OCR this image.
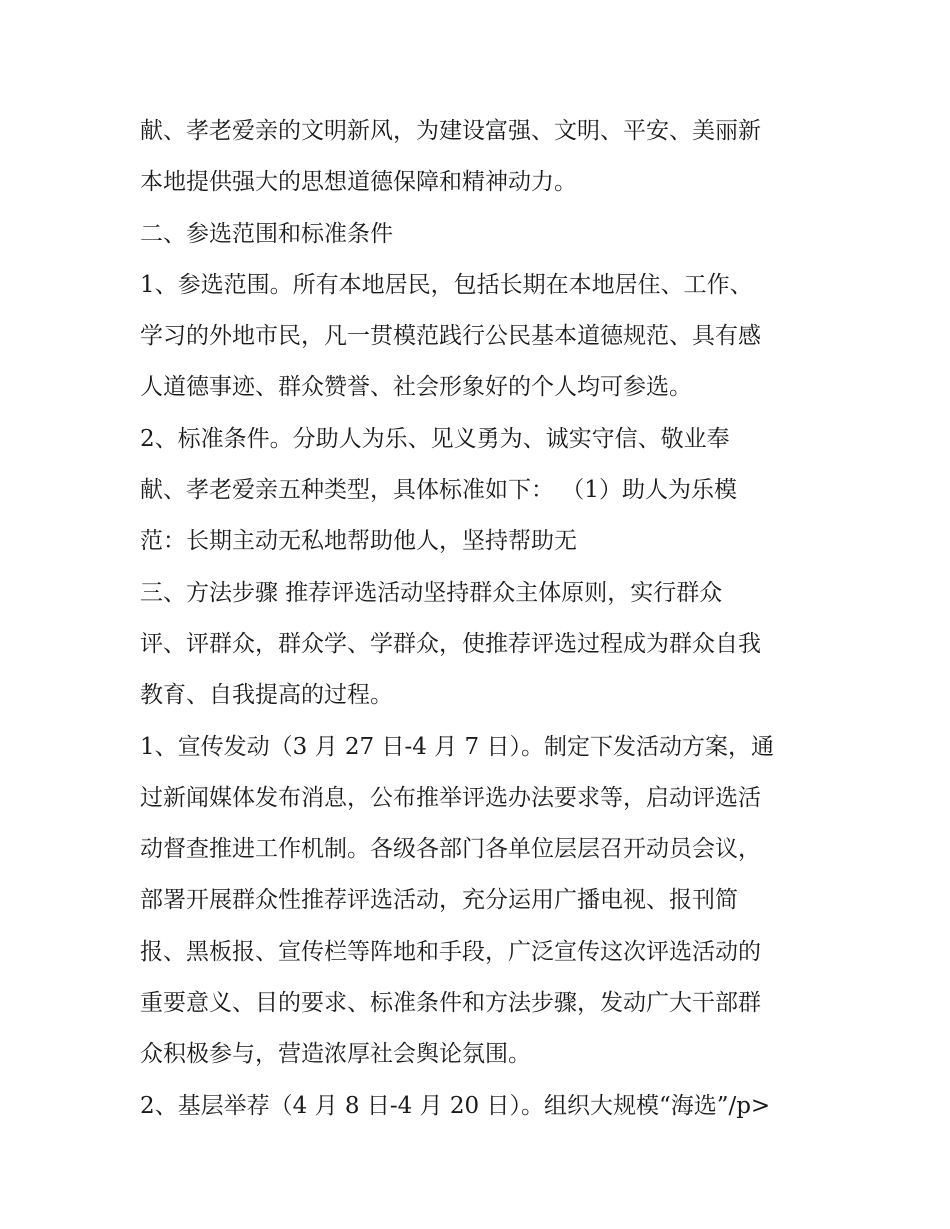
献、孝老爱亲的文明新风，为建设富强、文明、平安、美丽新
本地提供强大的思想道德保障和精神动力。
二、参选范围和标准条件
1、参选范围。所有本地居民，包括长期在本地居住、工作、
学习的外地市民，凡一贯模范践行公民基本道德规范、具有感
人道德事迹、群众赞誉、社会形象好的个人均可参选。
2、标准条件。分助人为乐、见义勇为、诚实守信、敬业奉
献、孝老爱亲五种类型，具体标准如下： （1）助人为乐模
范：长期主动无私地帮助他人，坚持帮助无
三、方法步骤 推荐评选活动坚持群众主体原则，实行群众
评、评群众，群众学、学群众，使推荐评选过程成为群众自我
教育、自我提高的过程。
1、宣传发动（3 月 27 日-4 月 7 日）。制定下发活动方案，通
过新闻媒体发布消息，公布推举评选办法要求等，启动评选活
动督查推进工作机制。各级各部门各单位层层召开动员会议，
部署开展群众性推荐评选活动，充分运用广播电视、报刊简
报、黑板报、宣传栏等阵地和手段，广泛宣传这次评选活动的
重要意义、目的要求、标准条件和方法步骤，发动广大干部群
众积极参与，营造浓厚社会舆论氛围。
2、基层举荐（4 月 8 日-4 月 20 日）。组织大规模“海选”/p>
